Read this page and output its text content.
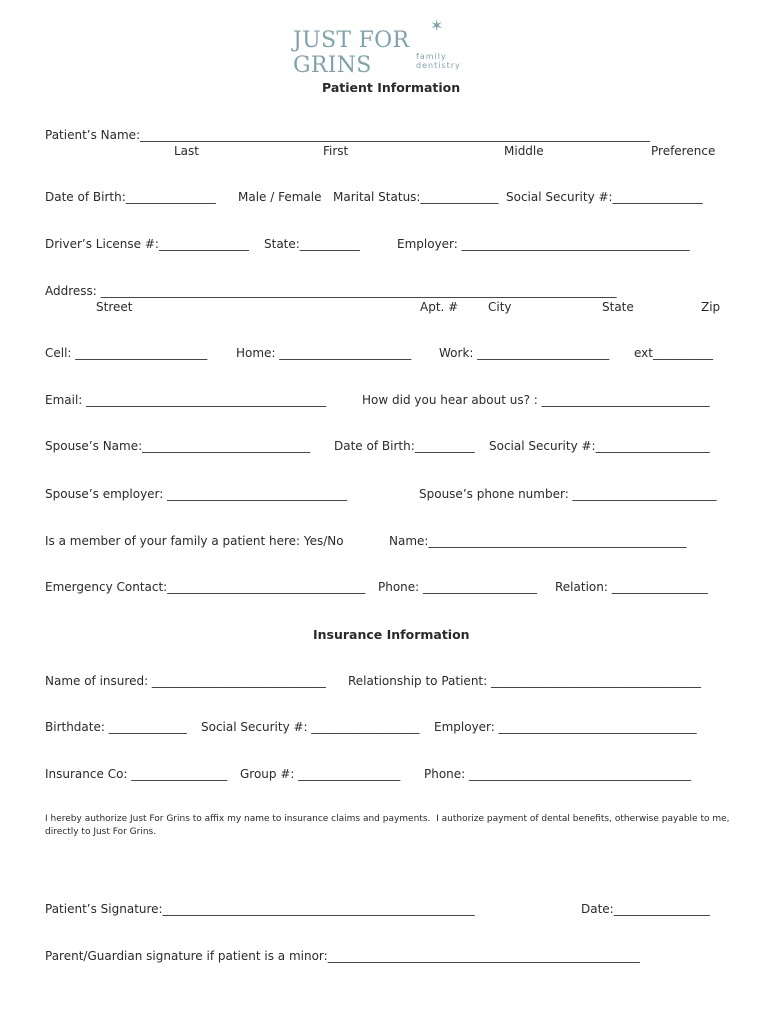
✶
JUST FOR GRINS	family dentistry
Patient Information
Patient’s Name:_____________________________________________________________________________________
Last	First	Middle	Preference
Date of Birth:_______________ Male / Female Marital Status:_____________ Social Security #:_______________
Driver’s License #:_______________ State:__________	Employer: ______________________________________
Address: ______________________________________________________________________________________
Street	Apt. # City	State	Zip
Cell: ______________________ Home: ______________________ Work: ______________________ ext__________
Email: ________________________________________	How did you hear about us? : ____________________________
Spouse’s Name:____________________________ Date of Birth:__________ Social Security #:___________________
Spouse’s employer: ______________________________	Spouse’s phone number: ________________________
Is a member of your family a patient here: Yes/No	Name:___________________________________________
Emergency Contact:_________________________________ Phone: ___________________ Relation: ________________
Insurance Information
Name of insured: _____________________________ Relationship to Patient: ___________________________________
Birthdate: _____________ Social Security #: __________________ Employer: _________________________________
Insurance Co: ________________ Group #: _________________ Phone: _____________________________________
I hereby authorize Just For Grins to affix my name to insurance claims and payments.  I authorize payment of dental benefits, otherwise payable to me,
directly to Just For Grins.
Patient’s Signature:____________________________________________________	Date:________________
Parent/Guardian signature if patient is a minor:____________________________________________________
